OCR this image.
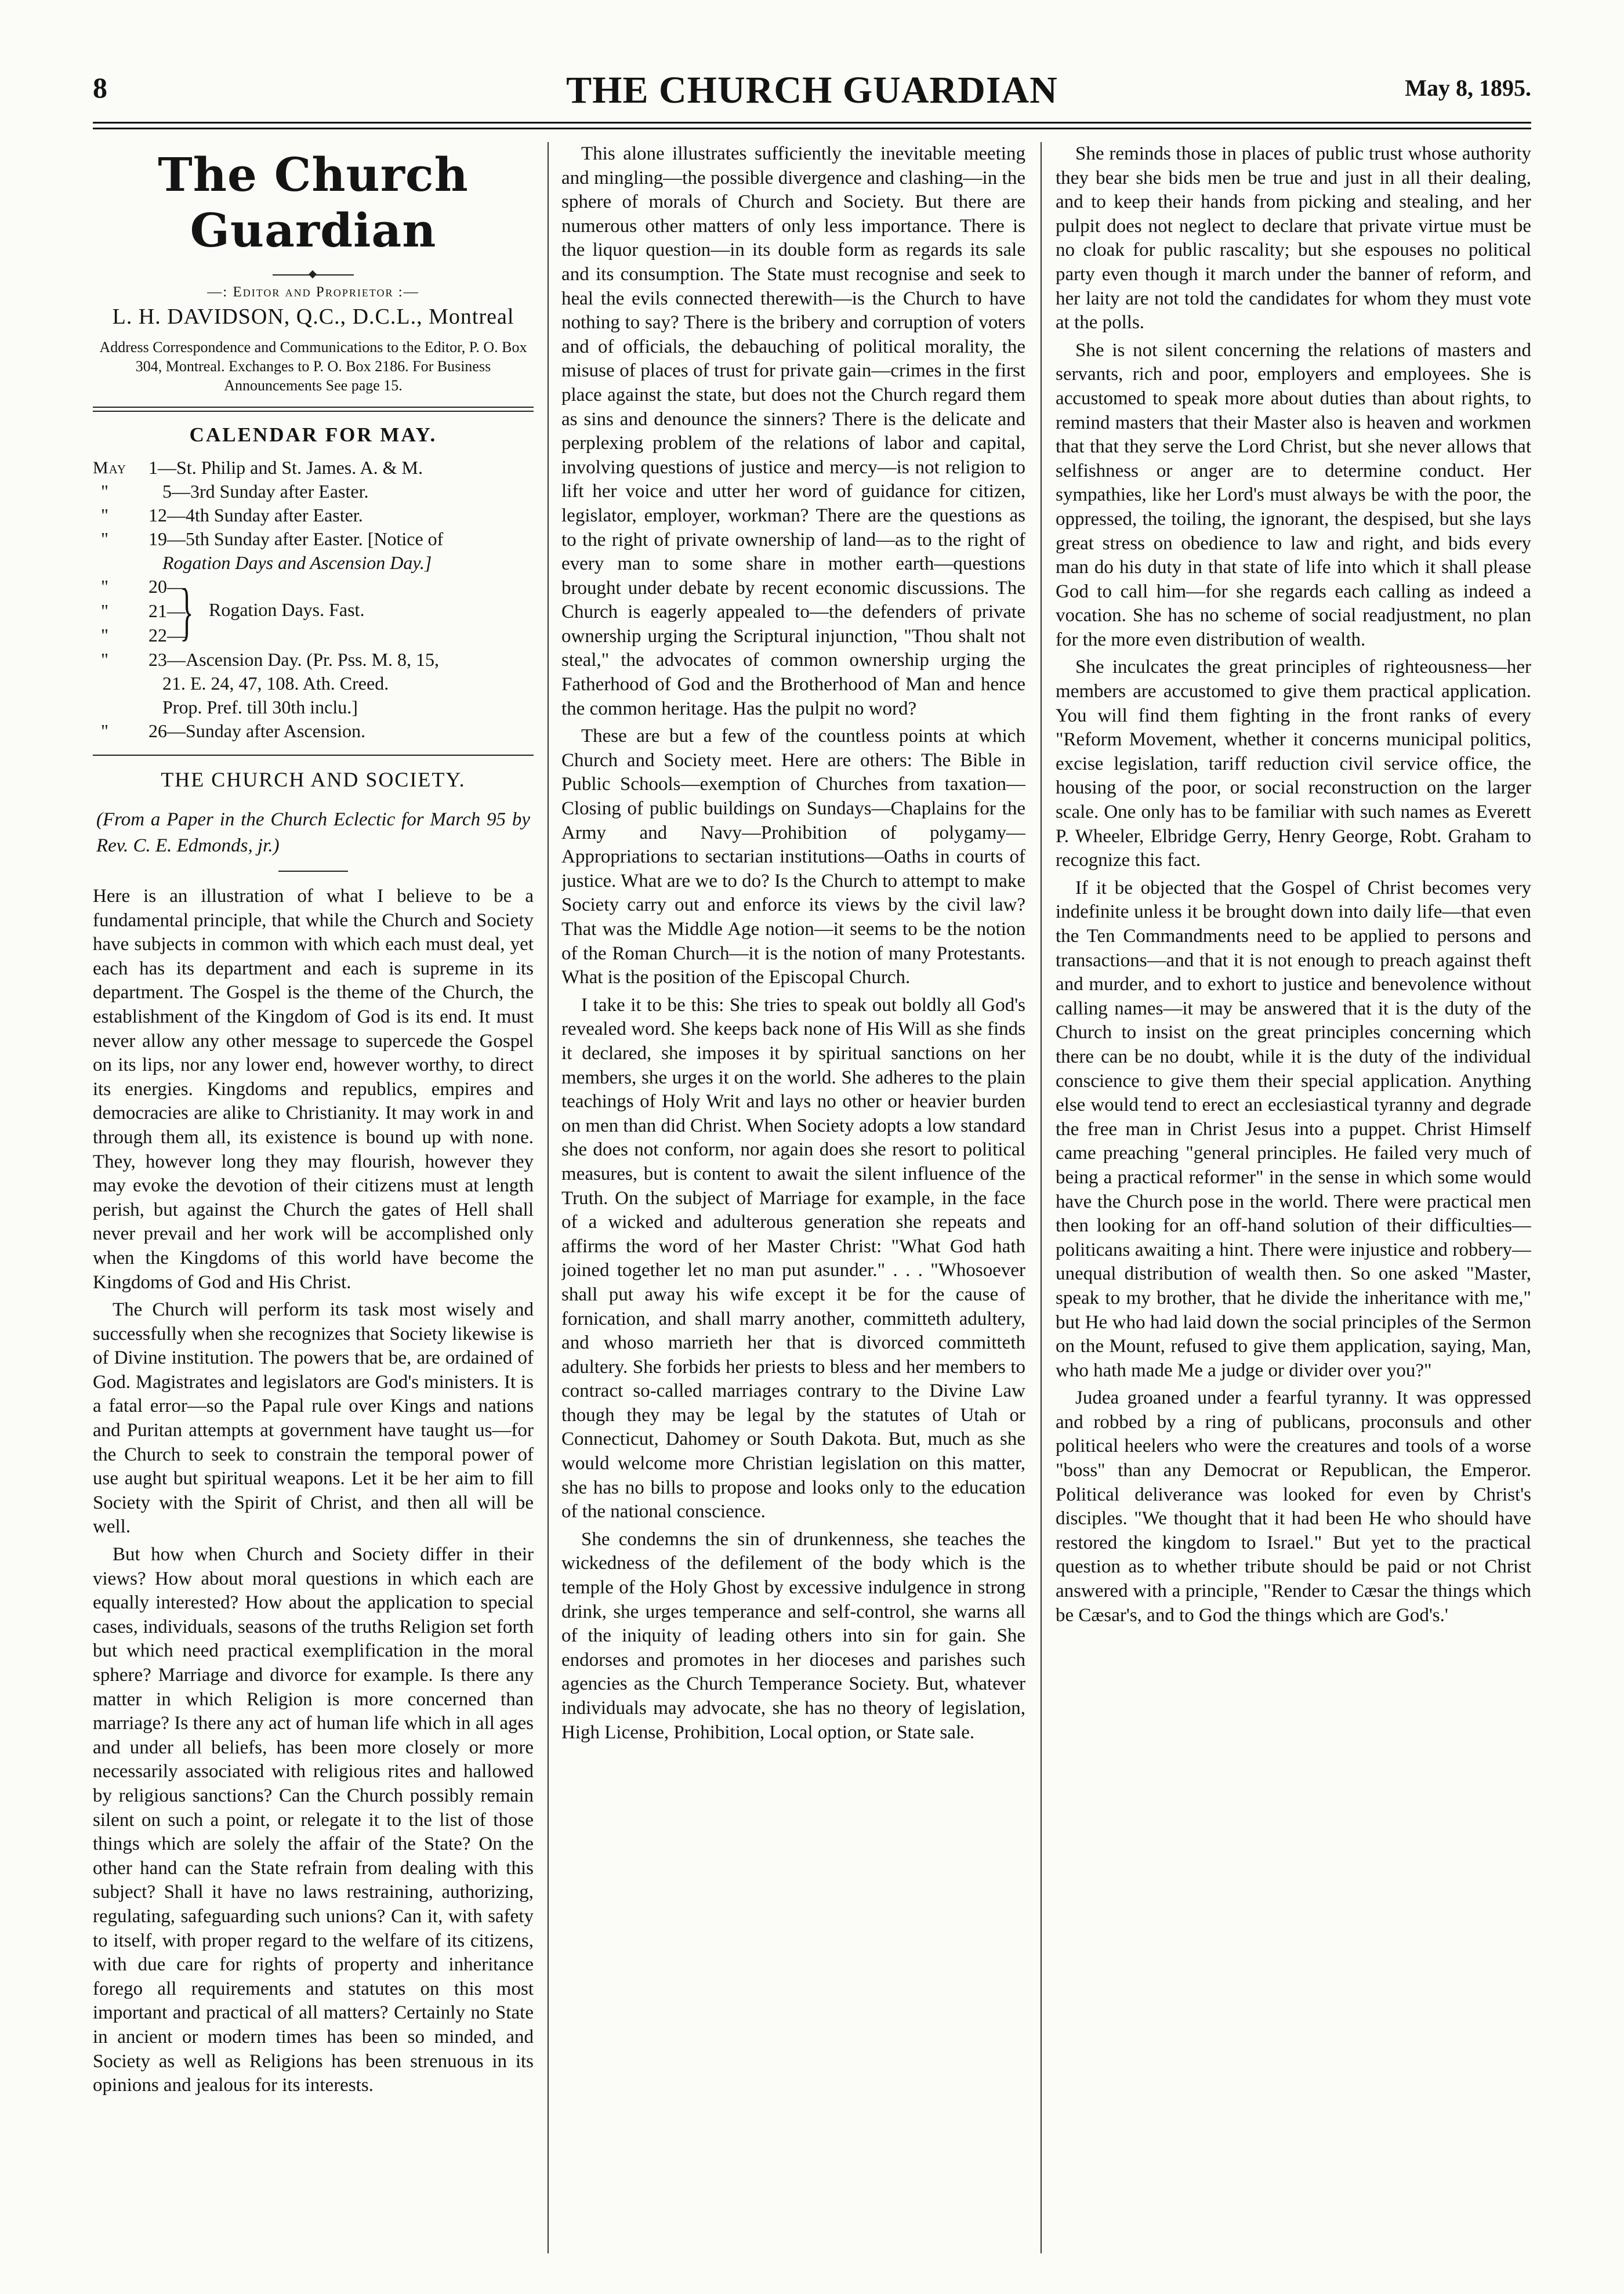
8	THE CHURCH GUARDIAN	May 8, 1895.
The Church Guardian
—: Editor and Proprietor :—
L. H. DAVIDSON, Q.C., D.C.L., Montreal
Address Correspondence and Communications to the Editor, P. O. Box 304, Montreal. Exchanges to P. O. Box 2186. For Business Announcements See page 15.
CALENDAR FOR MAY.
May 1—St. Philip and St. James. A. & M.
"	5—3rd Sunday after Easter.
" 12—4th Sunday after Easter.
" 19—5th Sunday after Easter. [Notice of
Rogation Days and Ascension Day.]
" 20—
" 21—
" 22—
} Rogation Days. Fast.
" 23—Ascension Day. (Pr. Pss. M. 8, 15,
21. E. 24, 47, 108. Ath. Creed.
Prop. Pref. till 30th inclu.]
" 26—Sunday after Ascension.
THE CHURCH AND SOCIETY.
(From a Paper in the Church Eclectic for March 95 by Rev. C. E. Edmonds, jr.)

Here is an illustration of what I believe to be a fundamental principle, that while the Church and Society have subjects in common with which each must deal, yet each has its department and each is supreme in its department. The Gospel is the theme of the Church, the establishment of the Kingdom of God is its end. It must never allow any other message to supercede the Gospel on its lips, nor any lower end, however worthy, to direct its energies. Kingdoms and republics, empires and democracies are alike to Christianity. It may work in and through them all, its existence is bound up with none. They, however long they may flourish, however they may evoke the devotion of their citizens must at length perish, but against the Church the gates of Hell shall never prevail and her work will be accomplished only when the Kingdoms of this world have become the Kingdoms of God and His Christ.

The Church will perform its task most wisely and successfully when she recognizes that Society likewise is of Divine institution. The powers that be, are ordained of God. Magistrates and legislators are God's ministers. It is a fatal error—so the Papal rule over Kings and nations and Puritan attempts at government have taught us—for the Church to seek to constrain the temporal power of use aught but spiritual weapons. Let it be her aim to fill Society with the Spirit of Christ, and then all will be well.

But how when Church and Society differ in their views? How about moral questions in which each are equally interested? How about the application to special cases, individuals, seasons of the truths Religion set forth but which need practical exemplification in the moral sphere? Marriage and divorce for example. Is there any matter in which Religion is more concerned than marriage? Is there any act of human life which in all ages and under all beliefs, has been more closely or more necessarily associated with religious rites and hallowed by religious sanctions? Can the Church possibly remain silent on such a point, or relegate it to the list of those things which are solely the affair of the State? On the other hand can the State refrain from dealing with this subject? Shall it have no laws restraining, authorizing, regulating, safeguarding such unions? Can it, with safety to itself, with proper regard to the welfare of its citizens, with due care for rights of property and inheritance forego all requirements and statutes on this most important and practical of all matters? Certainly no State in ancient or modern times has been so minded, and Society as well as Religions has been strenuous in its opinions and jealous for its interests.

This alone illustrates sufficiently the inevitable meeting and mingling—the possible divergence and clashing—in the sphere of morals of Church and Society. But there are numerous other matters of only less importance. There is the liquor question—in its double form as regards its sale and its consumption. The State must recognise and seek to heal the evils connected therewith—is the Church to have nothing to say? There is the bribery and corruption of voters and of officials, the debauching of political morality, the misuse of places of trust for private gain—crimes in the first place against the state, but does not the Church regard them as sins and denounce the sinners? There is the delicate and perplexing problem of the relations of labor and capital, involving questions of justice and mercy—is not religion to lift her voice and utter her word of guidance for citizen, legislator, employer, workman? There are the questions as to the right of private ownership of land—as to the right of every man to some share in mother earth—questions brought under debate by recent economic discussions. The Church is eagerly appealed to—the defenders of private ownership urging the Scriptural injunction, "Thou shalt not steal," the advocates of common ownership urging the Fatherhood of God and the Brotherhood of Man and hence the common heritage. Has the pulpit no word?

These are but a few of the countless points at which Church and Society meet. Here are others: The Bible in Public Schools—exemption of Churches from taxation—Closing of public buildings on Sundays—Chaplains for the Army and Navy—Prohibition of polygamy—Appropriations to sectarian institutions—Oaths in courts of justice. What are we to do? Is the Church to attempt to make Society carry out and enforce its views by the civil law? That was the Middle Age notion—it seems to be the notion of the Roman Church—it is the notion of many Protestants. What is the position of the Episcopal Church.

I take it to be this: She tries to speak out boldly all God's revealed word. She keeps back none of His Will as she finds it declared, she imposes it by spiritual sanctions on her members, she urges it on the world. She adheres to the plain teachings of Holy Writ and lays no other or heavier burden on men than did Christ. When Society adopts a low standard she does not conform, nor again does she resort to political measures, but is content to await the silent influence of the Truth. On the subject of Marriage for example, in the face of a wicked and adulterous generation she repeats and affirms the word of her Master Christ: "What God hath joined together let no man put asunder." . . . "Whosoever shall put away his wife except it be for the cause of fornication, and shall marry another, committeth adultery, and whoso marrieth her that is divorced committeth adultery. She forbids her priests to bless and her members to contract so-called marriages contrary to the Divine Law though they may be legal by the statutes of Utah or Connecticut, Dahomey or South Dakota. But, much as she would welcome more Christian legislation on this matter, she has no bills to propose and looks only to the education of the national conscience.

She condemns the sin of drunkenness, she teaches the wickedness of the defilement of the body which is the temple of the Holy Ghost by excessive indulgence in strong drink, she urges temperance and self-control, she warns all of the iniquity of leading others into sin for gain. She endorses and promotes in her dioceses and parishes such agencies as the Church Temperance Society. But, whatever individuals may advocate, she has no theory of legislation, High License, Prohibition, Local option, or State sale.

She reminds those in places of public trust whose authority they bear she bids men be true and just in all their dealing, and to keep their hands from picking and stealing, and her pulpit does not neglect to declare that private virtue must be no cloak for public rascality; but she espouses no political party even though it march under the banner of reform, and her laity are not told the candidates for whom they must vote at the polls.

She is not silent concerning the relations of masters and servants, rich and poor, employers and employees. She is accustomed to speak more about duties than about rights, to remind masters that their Master also is heaven and workmen that that they serve the Lord Christ, but she never allows that selfishness or anger are to determine conduct. Her sympathies, like her Lord's must always be with the poor, the oppressed, the toiling, the ignorant, the despised, but she lays great stress on obedience to law and right, and bids every man do his duty in that state of life into which it shall please God to call him—for she regards each calling as indeed a vocation. She has no scheme of social readjustment, no plan for the more even distribution of wealth.

She inculcates the great principles of righteousness—her members are accustomed to give them practical application. You will find them fighting in the front ranks of every "Reform Movement, whether it concerns municipal politics, excise legislation, tariff reduction civil service office, the housing of the poor, or social reconstruction on the larger scale. One only has to be familiar with such names as Everett P. Wheeler, Elbridge Gerry, Henry George, Robt. Graham to recognize this fact.

If it be objected that the Gospel of Christ becomes very indefinite unless it be brought down into daily life—that even the Ten Commandments need to be applied to persons and transactions—and that it is not enough to preach against theft and murder, and to exhort to justice and benevolence without calling names—it may be answered that it is the duty of the Church to insist on the great principles concerning which there can be no doubt, while it is the duty of the individual conscience to give them their special application. Anything else would tend to erect an ecclesiastical tyranny and degrade the free man in Christ Jesus into a puppet. Christ Himself came preaching "general principles. He failed very much of being a practical reformer" in the sense in which some would have the Church pose in the world. There were practical men then looking for an off-hand solution of their difficulties—politicans awaiting a hint. There were injustice and robbery—unequal distribution of wealth then. So one asked "Master, speak to my brother, that he divide the inheritance with me," but He who had laid down the social principles of the Sermon on the Mount, refused to give them application, saying, Man, who hath made Me a judge or divider over you?"

Judea groaned under a fearful tyranny. It was oppressed and robbed by a ring of publicans, proconsuls and other political heelers who were the creatures and tools of a worse "boss" than any Democrat or Republican, the Emperor. Political deliverance was looked for even by Christ's disciples. "We thought that it had been He who should have restored the kingdom to Israel." But yet to the practical question as to whether tribute should be paid or not Christ answered with a principle, "Render to Cæsar the things which be Cæsar's, and to God the things which are God's.'
